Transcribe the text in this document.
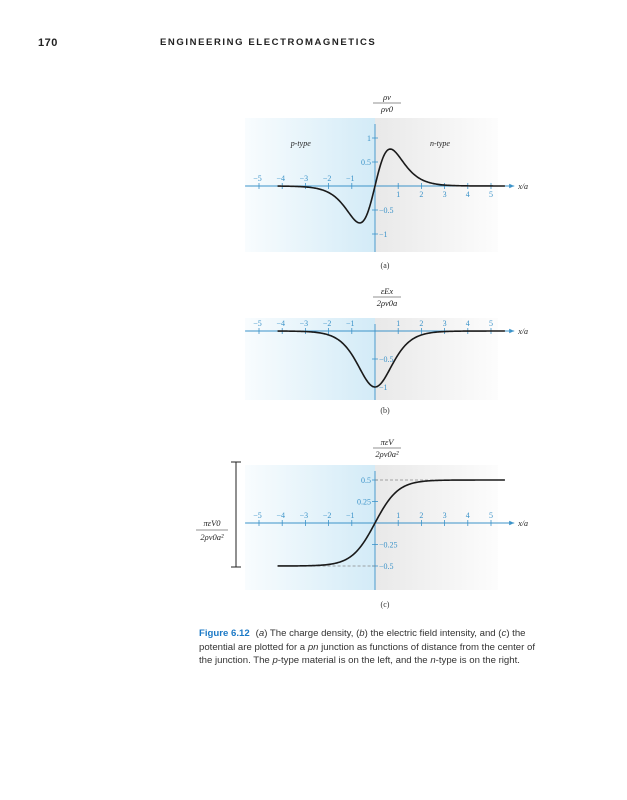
170	ENGINEERING ELECTROMAGNETICS
−5 −4 −3 −2 −1
1 2 3 4 5
1
0.5
−0.5
−1
ρv
ρν0
x/a
(a)
p-type	n-type
−5 −4 −3 −2 −1	1 2 3 4 5
−0.5
−1
εEx
2ρν0a
x/a
(b)
−5 −4 −3 −2 −1	1 2 3 4 5
0.5
0.25
−0.25
−0.5
πεV
2ρν0a²
x/a
(c)
πεV0
2ρν0a²
Figure 6.12 (a) The charge density, (b) the electric field intensity, and (c) the potential are plotted for a pn junction as functions of distance from the center of the junction. The p-type material is on the left, and the n-type is on the right.
